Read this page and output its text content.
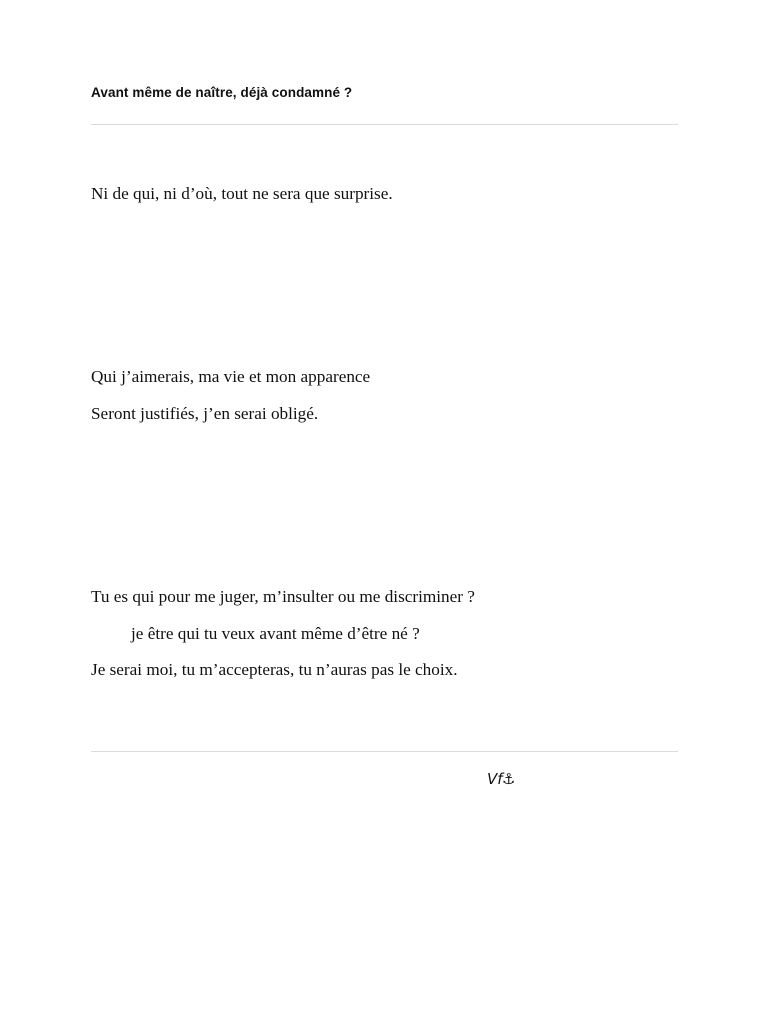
Avant même de naître, déjà condamné ?

Ni de qui, ni d’où, tout ne sera que surprise.

Qui j’aimerais, ma vie et mon apparence

Seront justifiés, j’en serai obligé.

Tu es qui pour me juger, m’insulter ou me discriminer ?

je être qui tu veux avant même d’être né ?

Je serai moi, tu m’accepteras, tu n’auras pas le choix.

Vf⚓
